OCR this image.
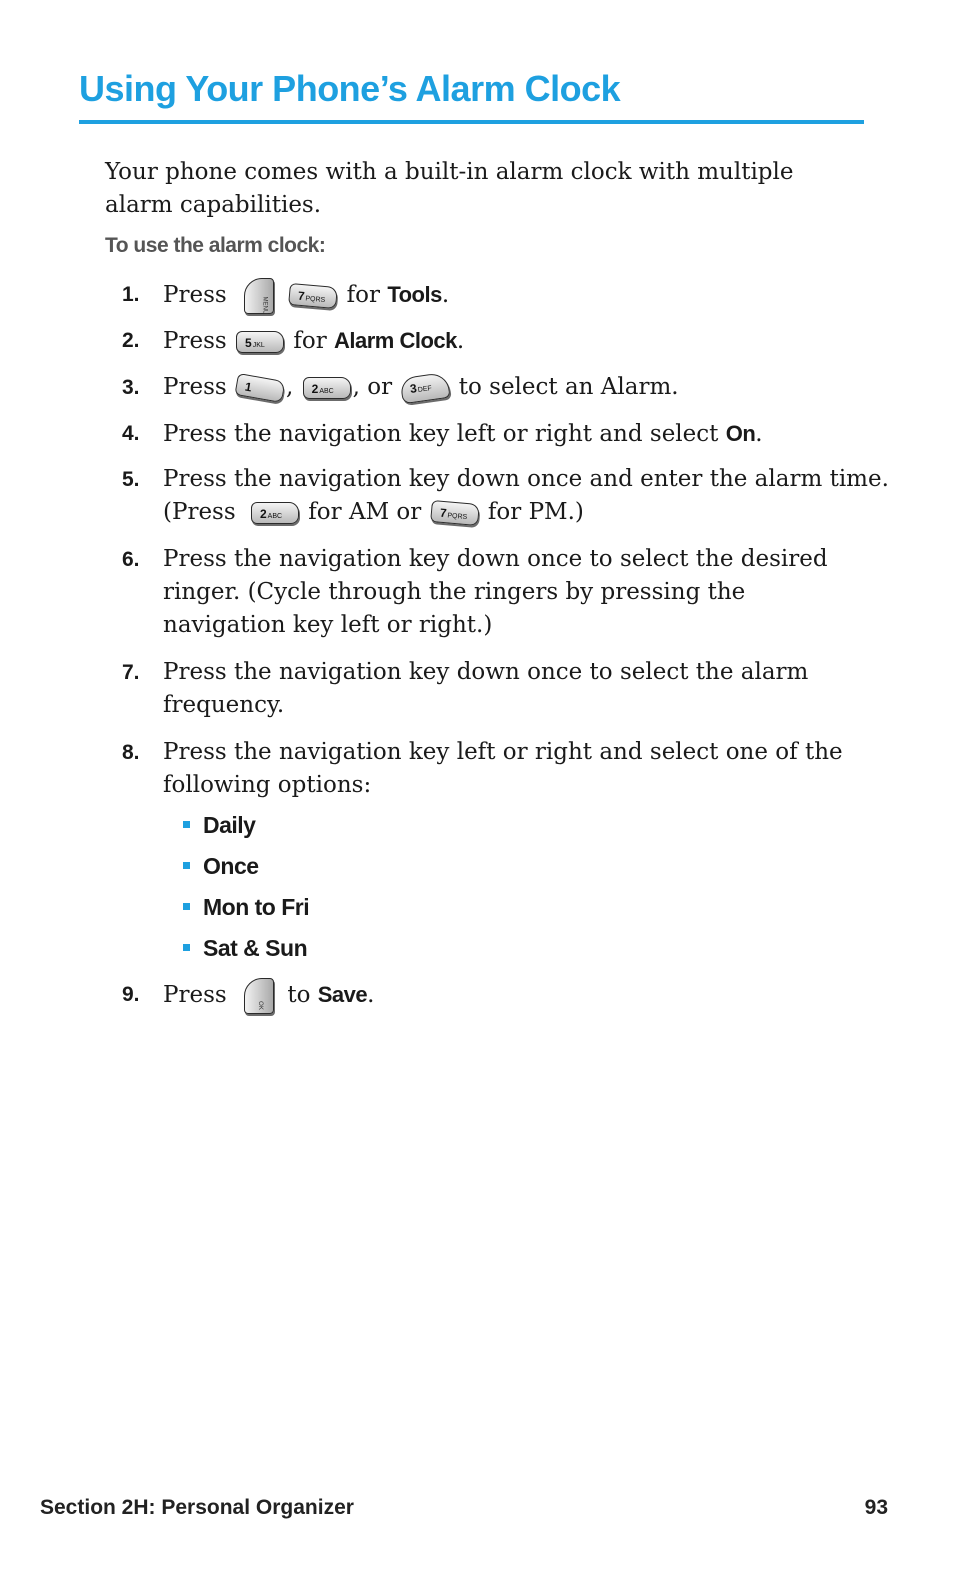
Using Your Phone’s Alarm Clock

Your phone comes with a built-in alarm clock with multiple alarm capabilities.

To use the alarm clock:

1. Press	MENU
7PQRS for Tools.
2. Press 5JKL for Alarm Clock.
3. Press 1 , 2ABC , or 3DEF to select an Alarm.
4. Press the navigation key left or right and select On.
5. Press the navigation key down once and enter the alarm time.
(Press 2ABC for AM or 7PQRS for PM.)
6. Press the navigation key down once to select the desired ringer. (Cycle through the ringers by pressing the navigation key left or right.)
7. Press the navigation key down once to select the alarm frequency.
8. Press the navigation key left or right and select one of the following options:
Daily
Once
Mon to Fri
Sat & Sun
9. Press	OK	to Save.
Section 2H: Personal Organizer	93
